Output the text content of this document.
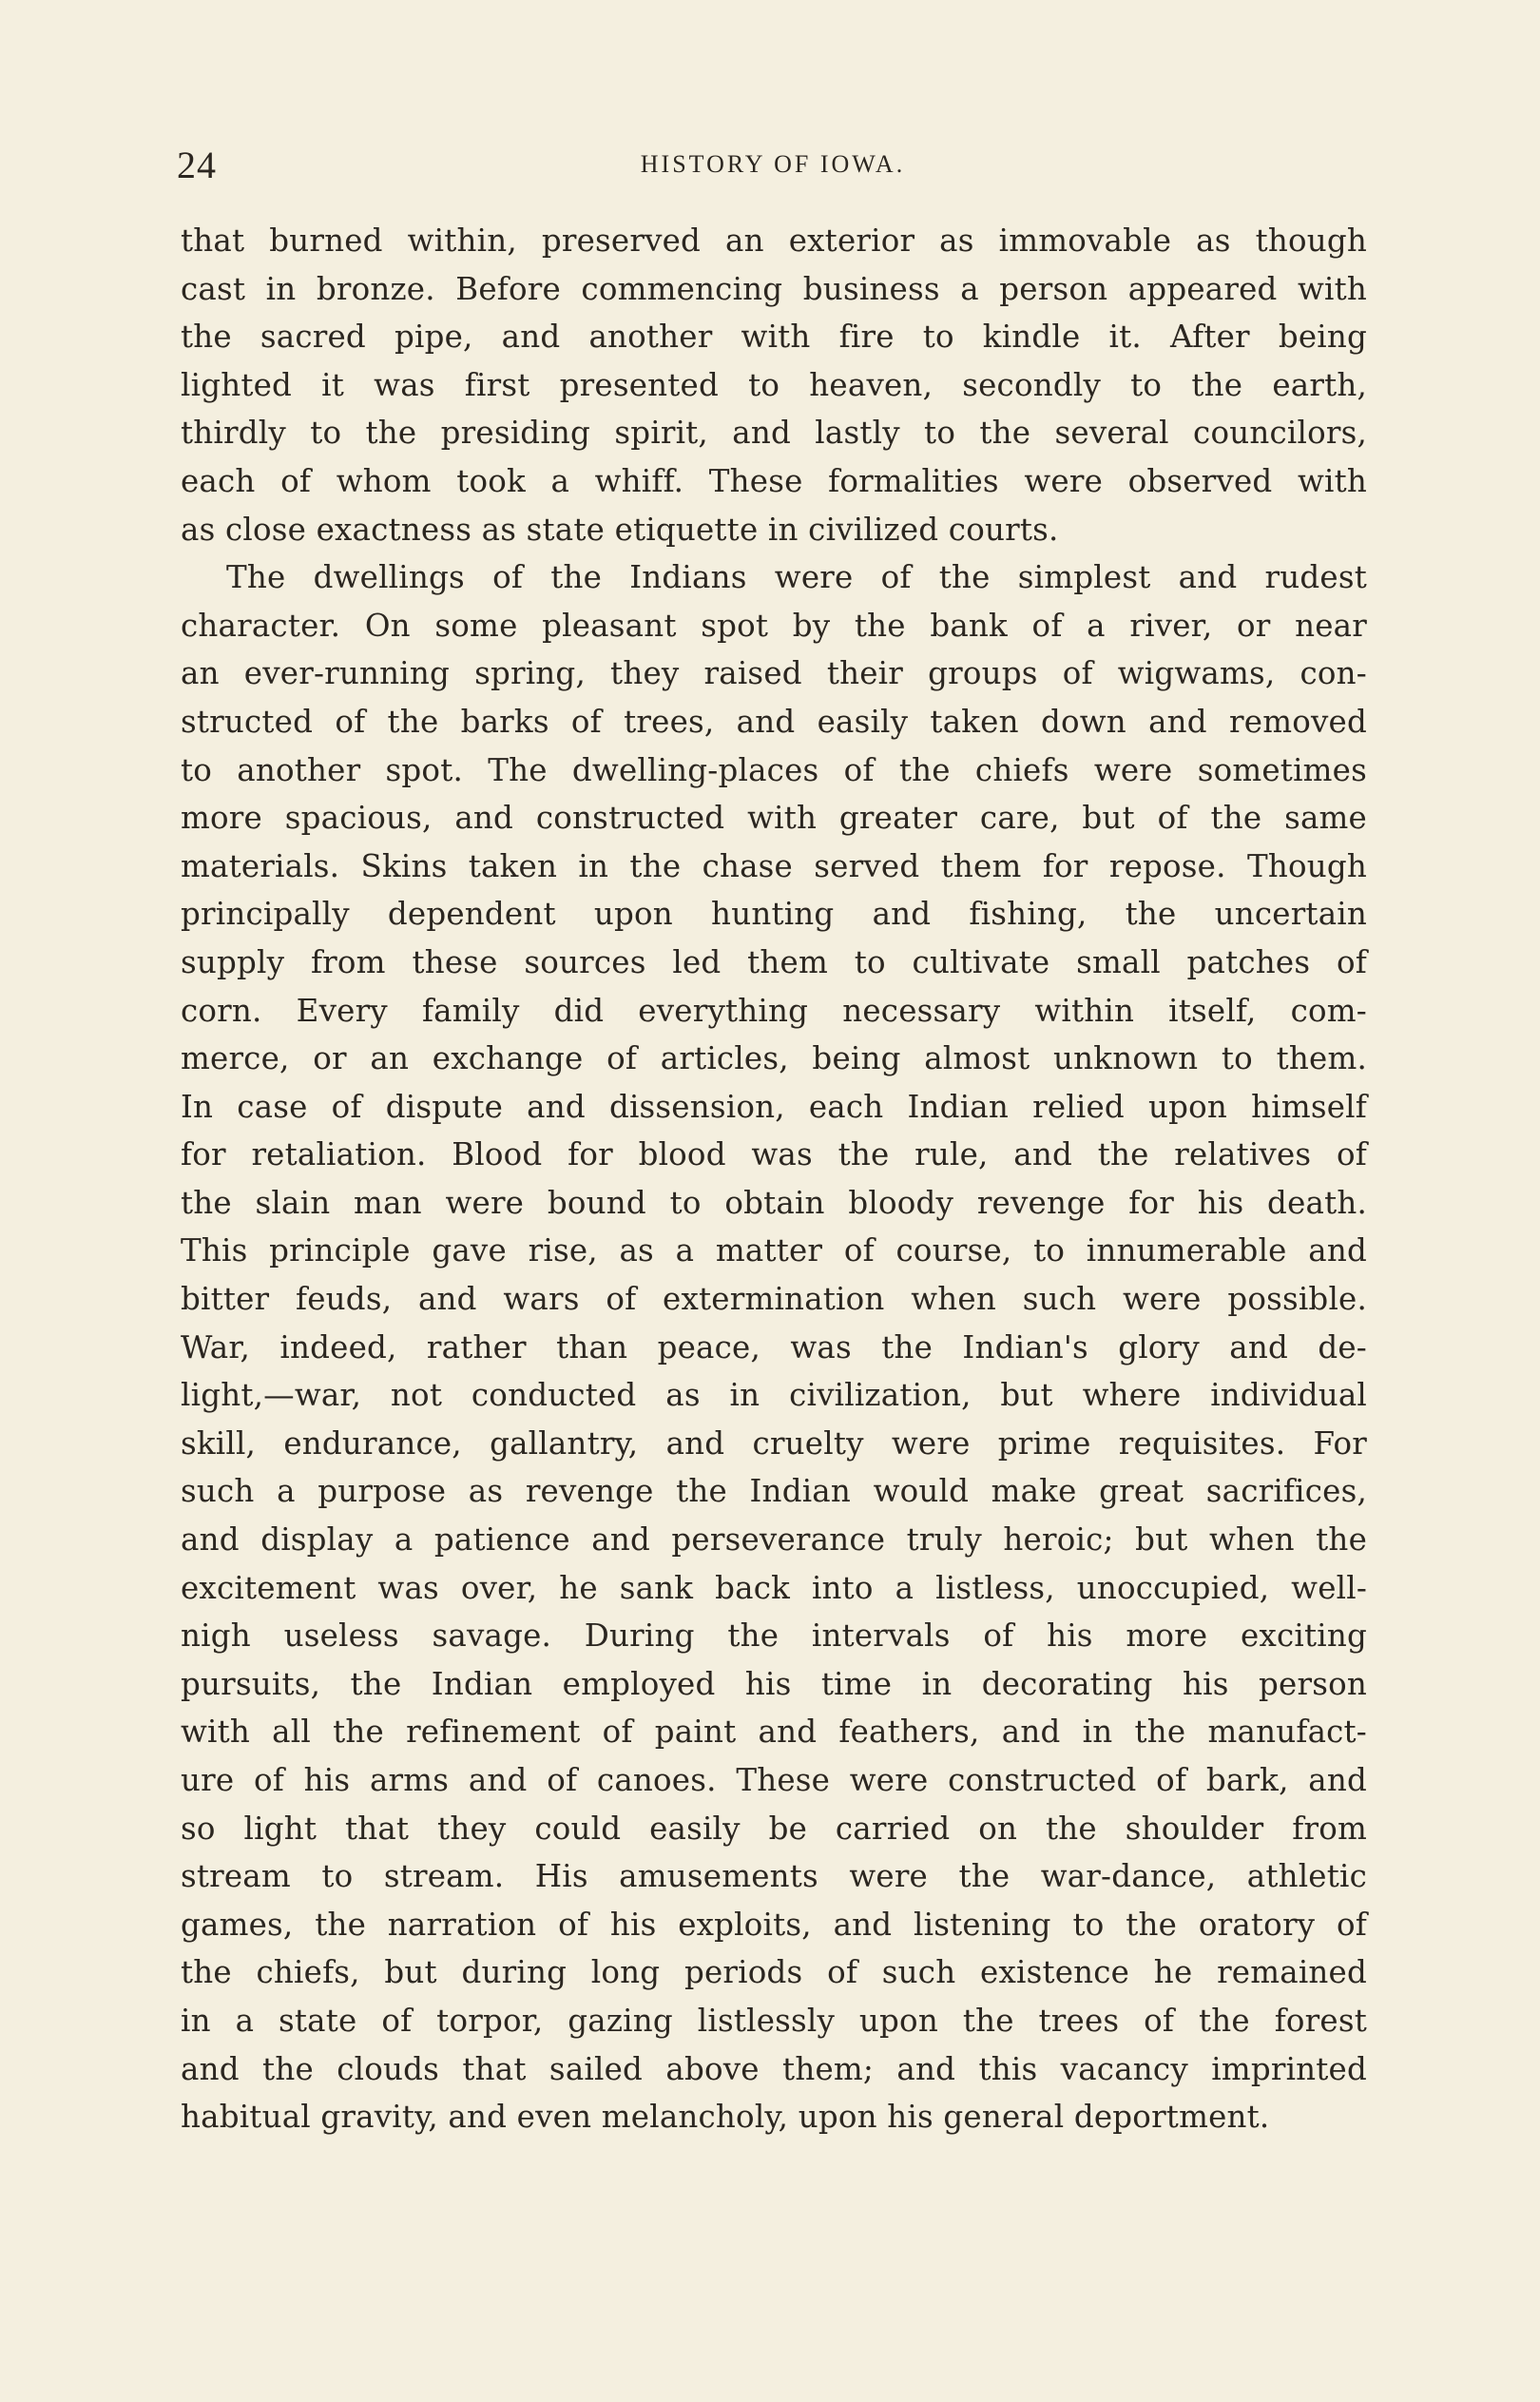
24	HISTORY OF IOWA.
that burned within, preserved an exterior as immovable as though
cast in bronze. Before commencing business a person appeared with
the sacred pipe, and another with fire to kindle it. After being
lighted it was first presented to heaven, secondly to the earth,
thirdly to the presiding spirit, and lastly to the several councilors,
each of whom took a whiff. These formalities were observed with
as close exactness as state etiquette in civilized courts.
The dwellings of the Indians were of the simplest and rudest
character. On some pleasant spot by the bank of a river, or near
an ever-running spring, they raised their groups of wigwams, con-
structed of the barks of trees, and easily taken down and removed
to another spot. The dwelling-places of the chiefs were sometimes
more spacious, and constructed with greater care, but of the same
materials. Skins taken in the chase served them for repose. Though
principally dependent upon hunting and fishing, the uncertain
supply from these sources led them to cultivate small patches of
corn. Every family did everything necessary within itself, com-
merce, or an exchange of articles, being almost unknown to them.
In case of dispute and dissension, each Indian relied upon himself
for retaliation. Blood for blood was the rule, and the relatives of
the slain man were bound to obtain bloody revenge for his death.
This principle gave rise, as a matter of course, to innumerable and
bitter feuds, and wars of extermination when such were possible.
War, indeed, rather than peace, was the Indian's glory and de-
light,—war, not conducted as in civilization, but where individual
skill, endurance, gallantry, and cruelty were prime requisites. For
such a purpose as revenge the Indian would make great sacrifices,
and display a patience and perseverance truly heroic; but when the
excitement was over, he sank back into a listless, unoccupied, well-
nigh useless savage. During the intervals of his more exciting
pursuits, the Indian employed his time in decorating his person
with all the refinement of paint and feathers, and in the manufact-
ure of his arms and of canoes. These were constructed of bark, and
so light that they could easily be carried on the shoulder from
stream to stream. His amusements were the war-dance, athletic
games, the narration of his exploits, and listening to the oratory of
the chiefs, but during long periods of such existence he remained
in a state of torpor, gazing listlessly upon the trees of the forest
and the clouds that sailed above them; and this vacancy imprinted
habitual gravity, and even melancholy, upon his general deportment.
